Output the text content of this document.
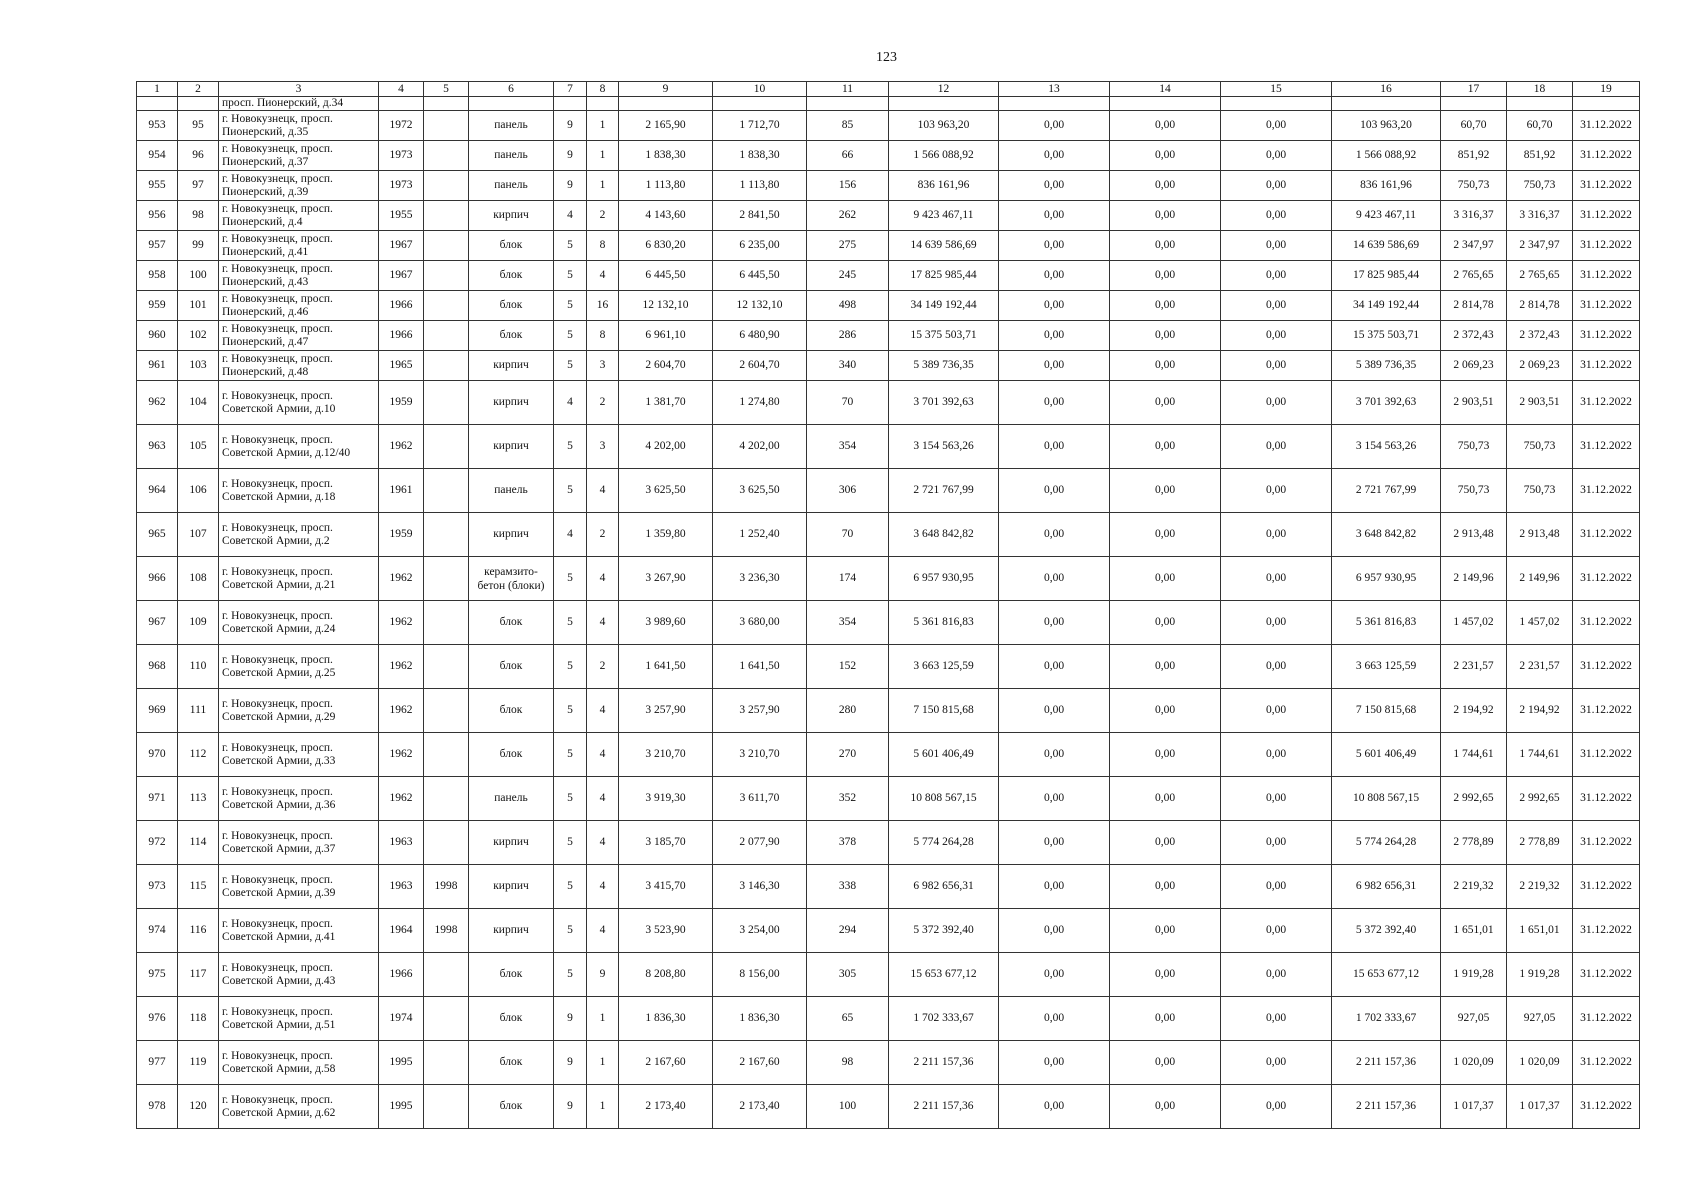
123
1	2	3	4	5	6	7	8	9	10	11	12	13	14	15	16	17	18	19
		просп. Пионерский, д.34																
953	95	г. Новокузнецк, просп. Пионерский, д.35	1972		панель	9	1	2 165,90	1 712,70	85	103 963,20	0,00	0,00	0,00	103 963,20	60,70	60,70	31.12.2022
954	96	г. Новокузнецк, просп. Пионерский, д.37	1973		панель	9	1	1 838,30	1 838,30	66	1 566 088,92	0,00	0,00	0,00	1 566 088,92	851,92	851,92	31.12.2022
955	97	г. Новокузнецк, просп. Пионерский, д.39	1973		панель	9	1	1 113,80	1 113,80	156	836 161,96	0,00	0,00	0,00	836 161,96	750,73	750,73	31.12.2022
956	98	г. Новокузнецк, просп. Пионерский, д.4	1955		кирпич	4	2	4 143,60	2 841,50	262	9 423 467,11	0,00	0,00	0,00	9 423 467,11	3 316,37	3 316,37	31.12.2022
957	99	г. Новокузнецк, просп. Пионерский, д.41	1967		блок	5	8	6 830,20	6 235,00	275	14 639 586,69	0,00	0,00	0,00	14 639 586,69	2 347,97	2 347,97	31.12.2022
958	100	г. Новокузнецк, просп. Пионерский, д.43	1967		блок	5	4	6 445,50	6 445,50	245	17 825 985,44	0,00	0,00	0,00	17 825 985,44	2 765,65	2 765,65	31.12.2022
959	101	г. Новокузнецк, просп. Пионерский, д.46	1966		блок	5	16	12 132,10	12 132,10	498	34 149 192,44	0,00	0,00	0,00	34 149 192,44	2 814,78	2 814,78	31.12.2022
960	102	г. Новокузнецк, просп. Пионерский, д.47	1966		блок	5	8	6 961,10	6 480,90	286	15 375 503,71	0,00	0,00	0,00	15 375 503,71	2 372,43	2 372,43	31.12.2022
961	103	г. Новокузнецк, просп. Пионерский, д.48	1965		кирпич	5	3	2 604,70	2 604,70	340	5 389 736,35	0,00	0,00	0,00	5 389 736,35	2 069,23	2 069,23	31.12.2022
962	104	г. Новокузнецк, просп. Советской Армии, д.10	1959		кирпич	4	2	1 381,70	1 274,80	70	3 701 392,63	0,00	0,00	0,00	3 701 392,63	2 903,51	2 903,51	31.12.2022
963	105	г. Новокузнецк, просп. Советской Армии, д.12/40	1962		кирпич	5	3	4 202,00	4 202,00	354	3 154 563,26	0,00	0,00	0,00	3 154 563,26	750,73	750,73	31.12.2022
964	106	г. Новокузнецк, просп. Советской Армии, д.18	1961		панель	5	4	3 625,50	3 625,50	306	2 721 767,99	0,00	0,00	0,00	2 721 767,99	750,73	750,73	31.12.2022
965	107	г. Новокузнецк, просп. Советской Армии, д.2	1959		кирпич	4	2	1 359,80	1 252,40	70	3 648 842,82	0,00	0,00	0,00	3 648 842,82	2 913,48	2 913,48	31.12.2022
966	108	г. Новокузнецк, просп. Советской Армии, д.21	1962		керамзито-бетон (блоки)	5	4	3 267,90	3 236,30	174	6 957 930,95	0,00	0,00	0,00	6 957 930,95	2 149,96	2 149,96	31.12.2022
967	109	г. Новокузнецк, просп. Советской Армии, д.24	1962		блок	5	4	3 989,60	3 680,00	354	5 361 816,83	0,00	0,00	0,00	5 361 816,83	1 457,02	1 457,02	31.12.2022
968	110	г. Новокузнецк, просп. Советской Армии, д.25	1962		блок	5	2	1 641,50	1 641,50	152	3 663 125,59	0,00	0,00	0,00	3 663 125,59	2 231,57	2 231,57	31.12.2022
969	111	г. Новокузнецк, просп. Советской Армии, д.29	1962		блок	5	4	3 257,90	3 257,90	280	7 150 815,68	0,00	0,00	0,00	7 150 815,68	2 194,92	2 194,92	31.12.2022
970	112	г. Новокузнецк, просп. Советской Армии, д.33	1962		блок	5	4	3 210,70	3 210,70	270	5 601 406,49	0,00	0,00	0,00	5 601 406,49	1 744,61	1 744,61	31.12.2022
971	113	г. Новокузнецк, просп. Советской Армии, д.36	1962		панель	5	4	3 919,30	3 611,70	352	10 808 567,15	0,00	0,00	0,00	10 808 567,15	2 992,65	2 992,65	31.12.2022
972	114	г. Новокузнецк, просп. Советской Армии, д.37	1963		кирпич	5	4	3 185,70	2 077,90	378	5 774 264,28	0,00	0,00	0,00	5 774 264,28	2 778,89	2 778,89	31.12.2022
973	115	г. Новокузнецк, просп. Советской Армии, д.39	1963	1998	кирпич	5	4	3 415,70	3 146,30	338	6 982 656,31	0,00	0,00	0,00	6 982 656,31	2 219,32	2 219,32	31.12.2022
974	116	г. Новокузнецк, просп. Советской Армии, д.41	1964	1998	кирпич	5	4	3 523,90	3 254,00	294	5 372 392,40	0,00	0,00	0,00	5 372 392,40	1 651,01	1 651,01	31.12.2022
975	117	г. Новокузнецк, просп. Советской Армии, д.43	1966		блок	5	9	8 208,80	8 156,00	305	15 653 677,12	0,00	0,00	0,00	15 653 677,12	1 919,28	1 919,28	31.12.2022
976	118	г. Новокузнецк, просп. Советской Армии, д.51	1974		блок	9	1	1 836,30	1 836,30	65	1 702 333,67	0,00	0,00	0,00	1 702 333,67	927,05	927,05	31.12.2022
977	119	г. Новокузнецк, просп. Советской Армии, д.58	1995		блок	9	1	2 167,60	2 167,60	98	2 211 157,36	0,00	0,00	0,00	2 211 157,36	1 020,09	1 020,09	31.12.2022
978	120	г. Новокузнецк, просп. Советской Армии, д.62	1995		блок	9	1	2 173,40	2 173,40	100	2 211 157,36	0,00	0,00	0,00	2 211 157,36	1 017,37	1 017,37	31.12.2022
